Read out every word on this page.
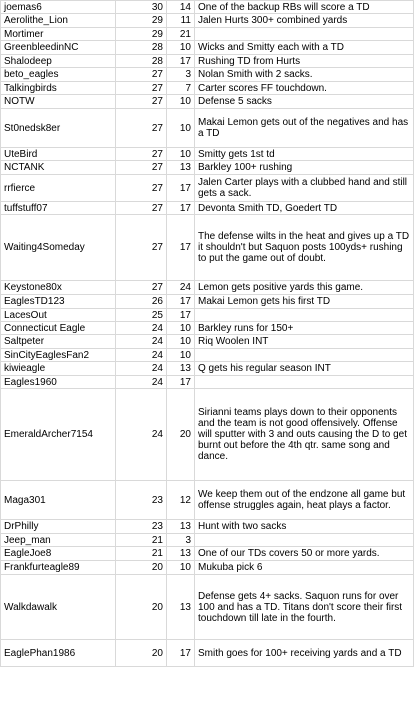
joemas6	30	14	One of the backup RBs will score a TD
Aerolithe_Lion	29	11	Jalen Hurts 300+ combined yards
Mortimer	29	21	
GreenbleedinNC	28	10	Wicks and Smitty each with a TD
Shalodeep	28	17	Rushing TD from Hurts
beto_eagles	27	3	Nolan Smith with 2 sacks.
Talkingbirds	27	7	Carter scores FF touchdown.
NOTW	27	10	Defense 5 sacks
St0nedsk8er	27	10	Makai Lemon gets out of the negatives and has a TD
UteBird	27	10	Smitty gets 1st td
NCTANK	27	13	Barkley 100+ rushing
rrfierce	27	17	Jalen Carter plays with a clubbed hand and still gets a sack.
tuffstuff07	27	17	Devonta Smith TD, Goedert TD
Waiting4Someday	27	17	The defense wilts in the heat and gives up a TD it shouldn't but Saquon posts 100yds+ rushing to put the game out of doubt.
Keystone80x	27	24	Lemon gets positive yards this game.
EaglesTD123	26	17	Makai Lemon gets his first TD
LacesOut	25	17	
Connecticut Eagle	24	10	Barkley runs for 150+
Saltpeter	24	10	Riq Woolen INT
SinCityEaglesFan2	24	10	
kiwieagle	24	13	Q gets his regular season INT
Eagles1960	24	17	
EmeraldArcher7154	24	20	Sirianni teams plays down to their opponents and the team is not good offensively. Offense will sputter with 3 and outs causing the D to get burnt out before the 4th qtr. same song and dance.
Maga301	23	12	We keep them out of the endzone all game but offense struggles again, heat plays a factor.
DrPhilly	23	13	Hunt with two sacks
Jeep_man	21	3	
EagleJoe8	21	13	One of our TDs covers 50 or more yards.
Frankfurteagle89	20	10	Mukuba pick 6
Walkdawalk	20	13	Defense gets 4+ sacks. Saquon runs for over 100 and has a TD. Titans don't score their first touchdown till late in the fourth.
EaglePhan1986	20	17	Smith goes for 100+ receiving yards and a TD
